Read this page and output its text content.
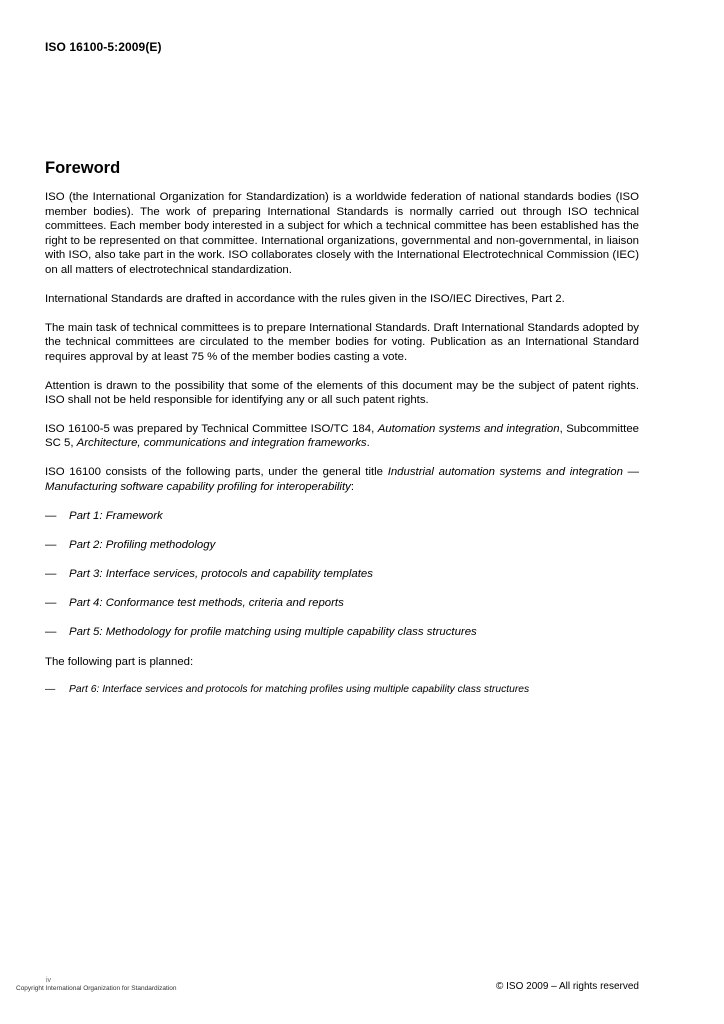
ISO 16100-5:2009(E)
Foreword

ISO (the International Organization for Standardization) is a worldwide federation of national standards bodies (ISO member bodies). The work of preparing International Standards is normally carried out through ISO technical committees. Each member body interested in a subject for which a technical committee has been established has the right to be represented on that committee. International organizations, governmental and non-governmental, in liaison with ISO, also take part in the work. ISO collaborates closely with the International Electrotechnical Commission (IEC) on all matters of electrotechnical standardization.

International Standards are drafted in accordance with the rules given in the ISO/IEC Directives, Part 2.

The main task of technical committees is to prepare International Standards. Draft International Standards adopted by the technical committees are circulated to the member bodies for voting. Publication as an International Standard requires approval by at least 75 % of the member bodies casting a vote.

Attention is drawn to the possibility that some of the elements of this document may be the subject of patent rights. ISO shall not be held responsible for identifying any or all such patent rights.

ISO 16100-5 was prepared by Technical Committee ISO/TC 184, Automation systems and integration, Subcommittee SC 5, Architecture, communications and integration frameworks.

ISO 16100 consists of the following parts, under the general title Industrial automation systems and integration — Manufacturing software capability profiling for interoperability:

—	Part 1: Framework
—	Part 2: Profiling methodology
—	Part 3: Interface services, protocols and capability templates
—	Part 4: Conformance test methods, criteria and reports
—	Part 5: Methodology for profile matching using multiple capability class structures

The following part is planned:

—	Part 6: Interface services and protocols for matching profiles using multiple capability class structures
iv
Copyright International Organization for Standardization	© ISO 2009 – All rights reserved
